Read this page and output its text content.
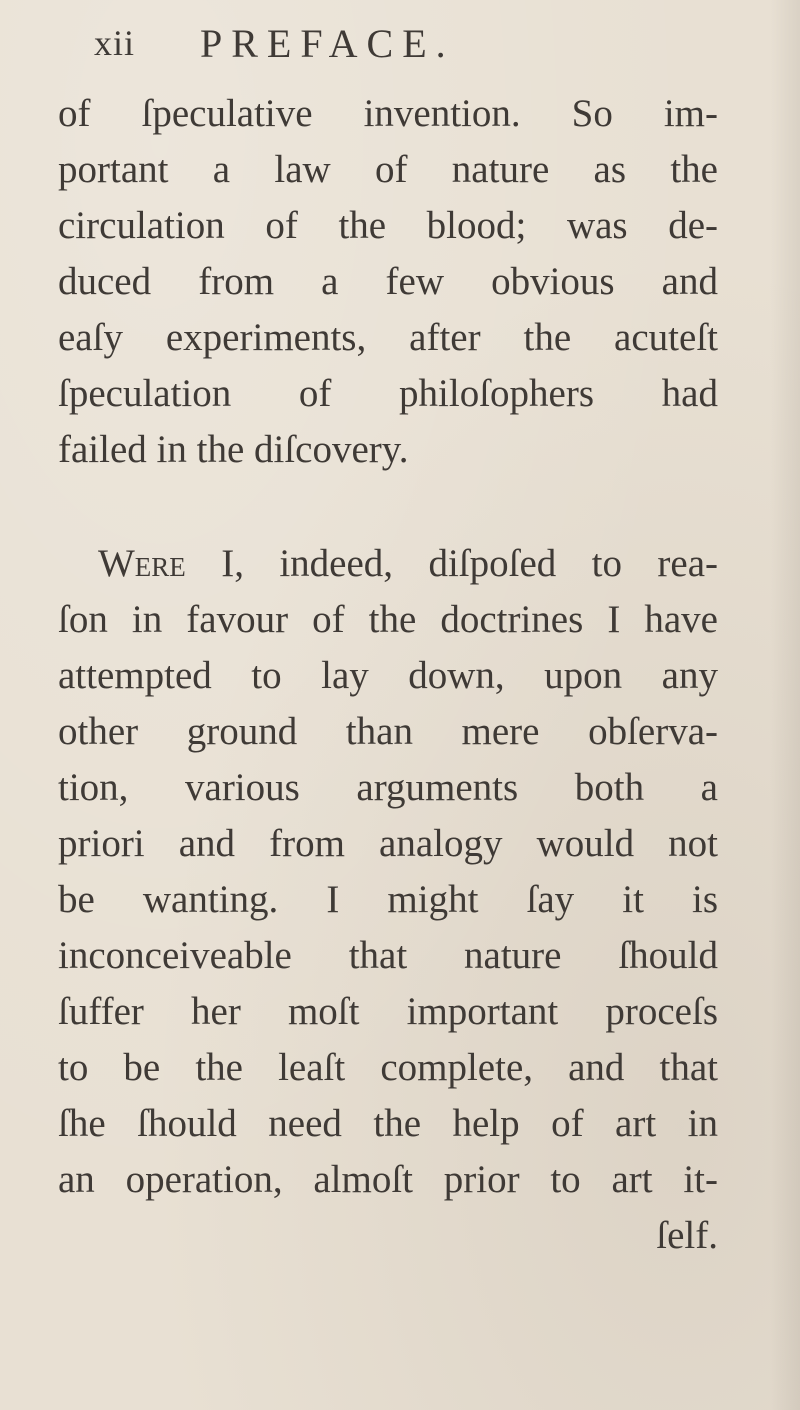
xii PREFACE.
of ſpeculative invention. So im-
portant a law of nature as the
circulation of the blood; was de-
duced from a few obvious and
eaſy experiments, after the acuteſt
ſpeculation of philoſophers had
failed in the diſcovery.
Were I, indeed, diſpoſed to rea-
ſon in favour of the doctrines I have
attempted to lay down, upon any
other ground than mere obſerva-
tion, various arguments both a
priori and from analogy would not
be wanting. I might ſay it is
inconceiveable that nature ſhould
ſuffer her moſt important proceſs
to be the leaſt complete, and that
ſhe ſhould need the help of art in
an operation, almoſt prior to art it-
ſelf.
